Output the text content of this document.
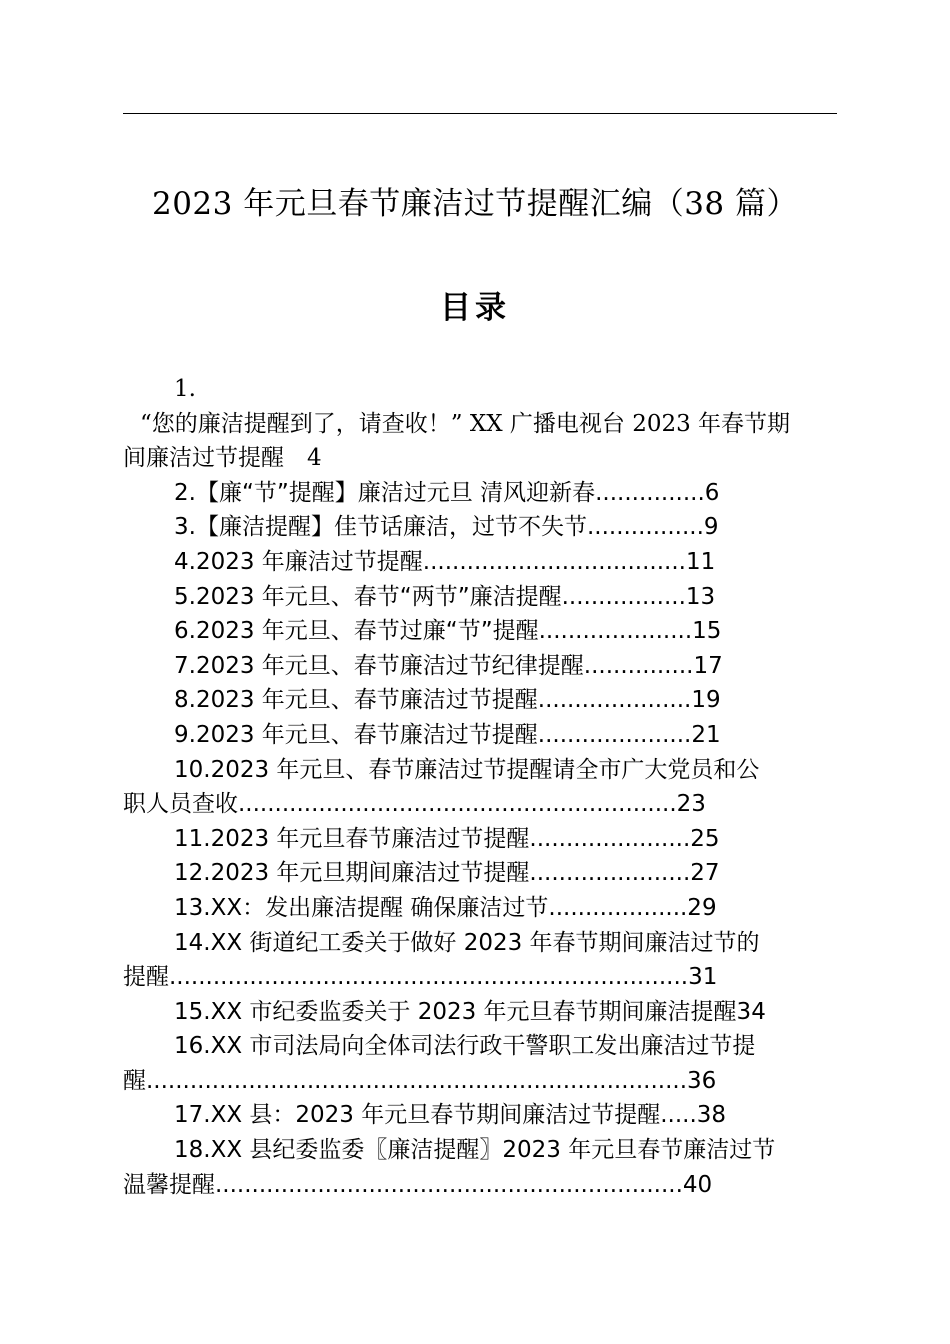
2023 年元旦春节廉洁过节提醒汇编（38 篇）
目录
1.
“您的廉洁提醒到了，请查收！” XX 广播电视台 2023 年春节期
间廉洁过节提醒　4
2.【廉“节”提醒】廉洁过元旦 清风迎新春...............6
3.【廉洁提醒】佳节话廉洁，过节不失节................9
4.2023 年廉洁过节提醒....................................11
5.2023 年元旦、春节“两节”廉洁提醒.................13
6.2023 年元旦、春节过廉“节”提醒.....................15
7.2023 年元旦、春节廉洁过节纪律提醒...............17
8.2023 年元旦、春节廉洁过节提醒.....................19
9.2023 年元旦、春节廉洁过节提醒.....................21
10.2023 年元旦、春节廉洁过节提醒请全市广大党员和公
职人员查收............................................................23
11.2023 年元旦春节廉洁过节提醒......................25
12.2023 年元旦期间廉洁过节提醒......................27
13.XX：发出廉洁提醒 确保廉洁过节...................29
14.XX 街道纪工委关于做好 2023 年春节期间廉洁过节的
提醒.......................................................................31
15.XX 市纪委监委关于 2023 年元旦春节期间廉洁提醒34
16.XX 市司法局向全体司法行政干警职工发出廉洁过节提
醒..........................................................................36
17.XX 县：2023 年元旦春节期间廉洁过节提醒.....38
18.XX 县纪委监委〖廉洁提醒〗2023 年元旦春节廉洁过节
温馨提醒................................................................40
